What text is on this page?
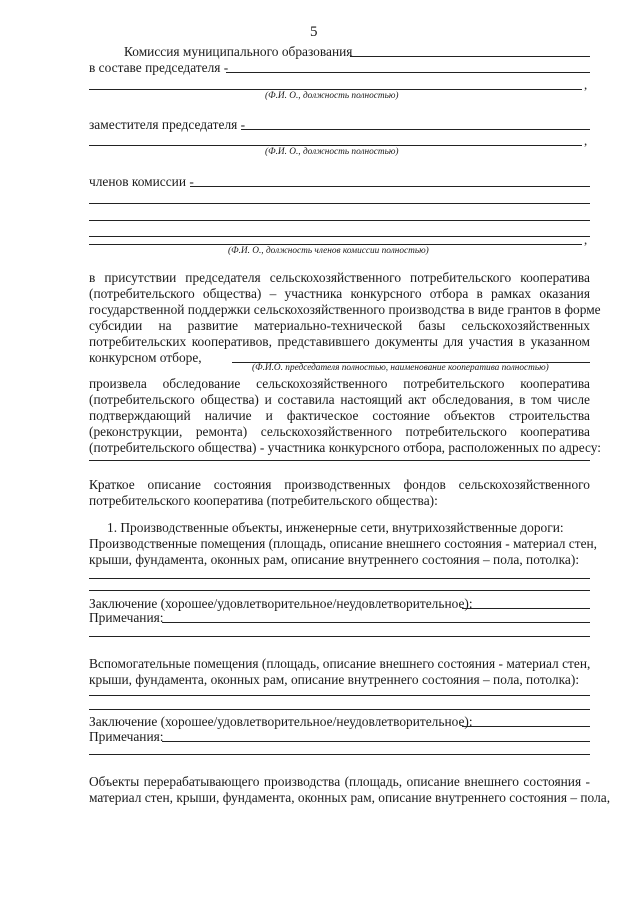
5
Комиссия муниципального образования
в составе председателя -
,
(Ф.И. О., должность полностью)
заместителя председателя -
,
(Ф.И. О., должность полностью)
членов комиссии -
,
(Ф.И. О., должность членов комиссии полностью)
в присутствии председателя сельскохозяйственного потребительского кооператива
(потребительского общества) – участника конкурсного отбора в рамках оказания
государственной поддержки сельскохозяйственного производства в виде грантов в форме
субсидии на развитие материально-технической базы сельскохозяйственных
потребительских кооперативов, представившего документы для участия в указанном
конкурсном отборе,
(Ф.И.О. председателя полностью, наименование кооператива полностью)
произвела обследование сельскохозяйственного потребительского кооператива
(потребительского общества) и составила настоящий акт обследования, в том числе
подтверждающий наличие и фактическое состояние объектов строительства
(реконструкции, ремонта) сельскохозяйственного потребительского кооператива
(потребительского общества) - участника конкурсного отбора, расположенных по адресу:
Краткое описание состояния производственных фондов сельскохозяйственного
потребительского кооператива (потребительского общества):
1. Производственные объекты, инженерные сети, внутрихозяйственные дороги:
Производственные помещения (площадь, описание внешнего состояния - материал стен,
крыши, фундамента, оконных рам, описание внутреннего состояния – пола, потолка):
Заключение (хорошее/удовлетворительное/неудовлетворительное):
Примечания:
Вспомогательные помещения (площадь, описание внешнего состояния - материал стен,
крыши, фундамента, оконных рам, описание внутреннего состояния – пола, потолка):
Заключение (хорошее/удовлетворительное/неудовлетворительное):
Примечания:
Объекты перерабатывающего производства (площадь, описание внешнего состояния -
материал стен, крыши, фундамента, оконных рам, описание внутреннего состояния – пола,
